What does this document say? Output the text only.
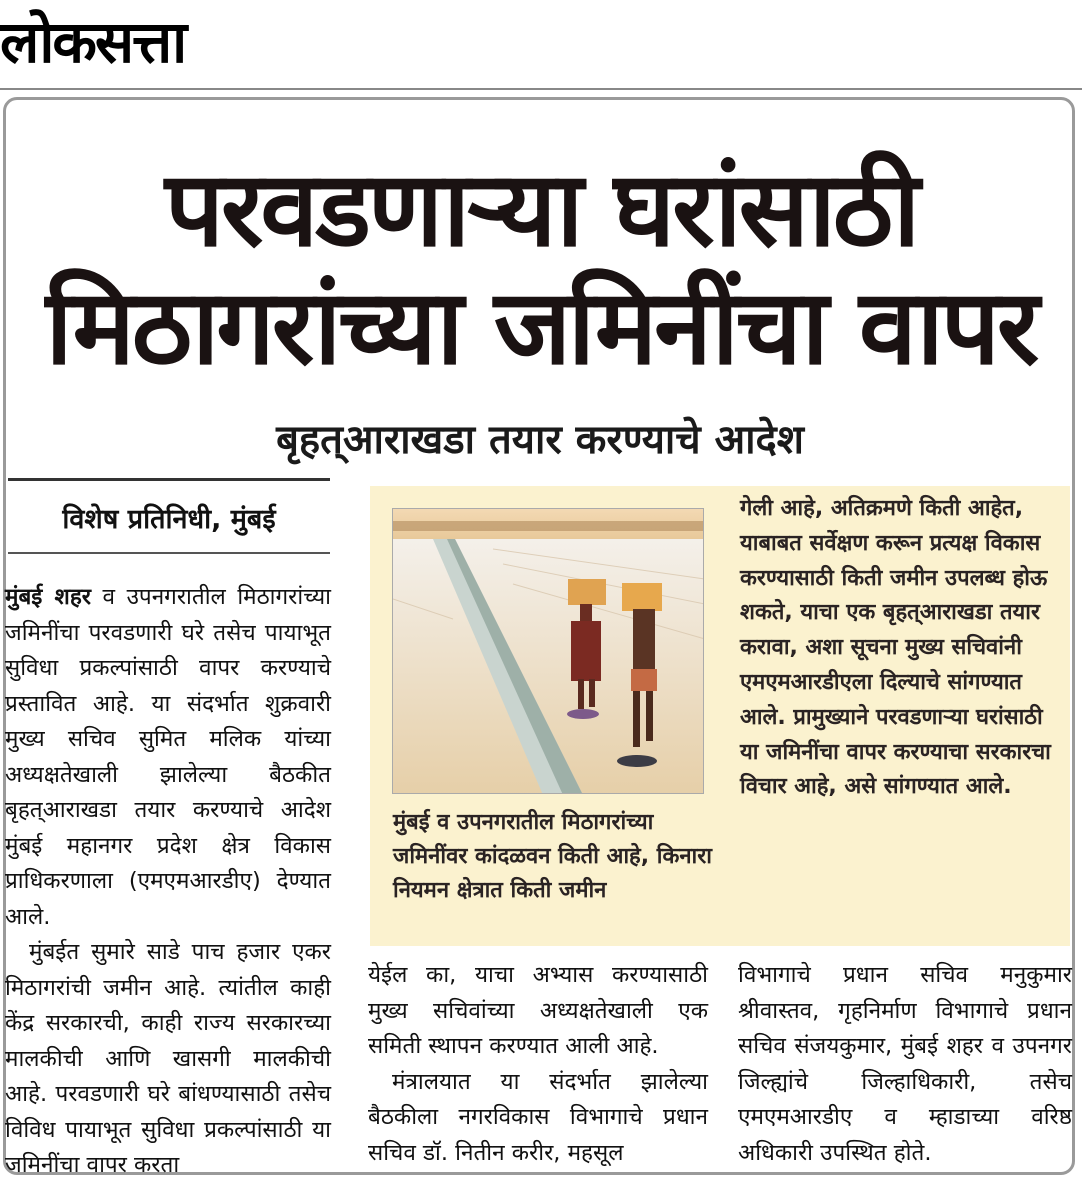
लोकसत्ता
परवडणाऱ्या घरांसाठी
मिठागरांच्या जमिनींचा वापर
बृहत्आराखडा तयार करण्याचे आदेश
विशेष प्रतिनिधी, मुंबई

मुंबई शहर व उपनगरातील मिठागरांच्या जमिनींचा परवडणारी घरे तसेच पायाभूत सुविधा प्रकल्पांसाठी वापर करण्याचे प्रस्तावित आहे. या संदर्भात शुक्रवारी मुख्य सचिव सुमित मलिक यांच्या अध्यक्षतेखाली झालेल्या बैठकीत बृहत्आराखडा तयार करण्याचे आदेश मुंबई महानगर प्रदेश क्षेत्र विकास प्राधिकरणाला (एमएमआरडीए) देण्यात आले.

मुंबईत सुमारे साडे पाच हजार एकर मिठागरांची जमीन आहे. त्यांतील काही केंद्र सरकारची, काही राज्य सरकारच्या मालकीची आणि खासगी मालकीची आहे. परवडणारी घरे बांधण्यासाठी तसेच विविध पायाभूत सुविधा प्रकल्पांसाठी या जमिनींचा वापर करता

मुंबई व उपनगरातील मिठागरांच्या जमिनींवर कांदळवन किती आहे, किनारा नियमन क्षेत्रात किती जमीन
गेली आहे, अतिक्रमणे किती आहेत, याबाबत सर्वेक्षण करून प्रत्यक्ष विकास करण्यासाठी किती जमीन उपलब्ध होऊ शकते, याचा एक बृहत्आराखडा तयार करावा, अशा सूचना मुख्य सचिवांनी एमएमआरडीएला दिल्याचे सांगण्यात आले. प्रामुख्याने परवडणाऱ्या घरांसाठी या जमिनींचा वापर करण्याचा सरकारचा विचार आहे, असे सांगण्यात आले.

येईल का, याचा अभ्यास करण्यासाठी मुख्य सचिवांच्या अध्यक्षतेखाली एक समिती स्थापन करण्यात आली आहे.

मंत्रालयात या संदर्भात झालेल्या बैठकीला नगरविकास विभागाचे प्रधान सचिव डॉ. नितीन करीर, महसूल

विभागाचे प्रधान सचिव मनुकुमार श्रीवास्तव, गृहनिर्माण विभागाचे प्रधान सचिव संजयकुमार, मुंबई शहर व उपनगर जिल्ह्यांचे जिल्हाधिकारी, तसेच एमएमआरडीए व म्हाडाच्या वरिष्ठ अधिकारी उपस्थित होते.
